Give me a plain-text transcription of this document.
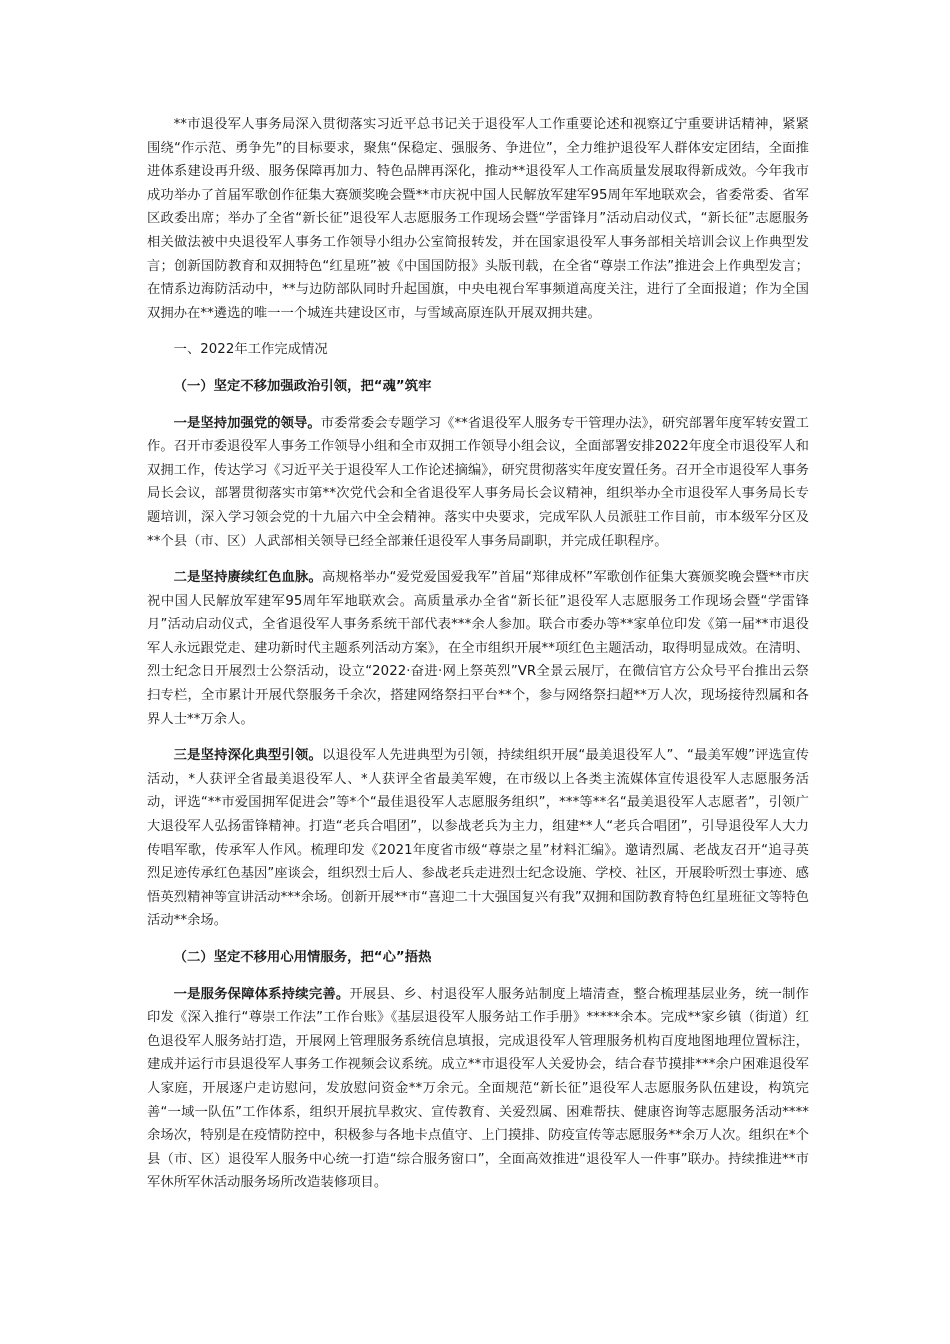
**市退役军人事务局深入贯彻落实习近平总书记关于退役军人工作重要论述和视察辽宁重要讲话精神，紧紧围绕“作示范、勇争先”的目标要求，聚焦“保稳定、强服务、争进位”，全力维护退役军人群体安定团结，全面推进体系建设再升级、服务保障再加力、特色品牌再深化，推动**退役军人工作高质量发展取得新成效。今年我市成功举办了首届军歌创作征集大赛颁奖晚会暨**市庆祝中国人民解放军建军95周年军地联欢会，省委常委、省军区政委出席；举办了全省“新长征”退役军人志愿服务工作现场会暨“学雷锋月”活动启动仪式，“新长征”志愿服务相关做法被中央退役军人事务工作领导小组办公室简报转发，并在国家退役军人事务部相关培训会议上作典型发言；创新国防教育和双拥特色“红星班”被《中国国防报》头版刊载，在全省“尊崇工作法”推进会上作典型发言；在情系边海防活动中，**与边防部队同时升起国旗，中央电视台军事频道高度关注，进行了全面报道；作为全国双拥办在**遴选的唯一一个城连共建设区市，与雪域高原连队开展双拥共建。

一、2022年工作完成情况

（一）坚定不移加强政治引领，把“魂”筑牢

一是坚持加强党的领导。市委常委会专题学习《**省退役军人服务专干管理办法》，研究部署年度军转安置工作。召开市委退役军人事务工作领导小组和全市双拥工作领导小组会议，全面部署安排2022年度全市退役军人和双拥工作，传达学习《习近平关于退役军人工作论述摘编》，研究贯彻落实年度安置任务。召开全市退役军人事务局长会议，部署贯彻落实市第**次党代会和全省退役军人事务局长会议精神，组织举办全市退役军人事务局长专题培训，深入学习领会党的十九届六中全会精神。落实中央要求，完成军队人员派驻工作目前，市本级军分区及**个县（市、区）人武部相关领导已经全部兼任退役军人事务局副职，并完成任职程序。

二是坚持赓续红色血脉。高规格举办“爱党爱国爱我军”首届“郑律成杯”军歌创作征集大赛颁奖晚会暨**市庆祝中国人民解放军建军95周年军地联欢会。高质量承办全省“新长征”退役军人志愿服务工作现场会暨“学雷锋月”活动启动仪式，全省退役军人事务系统干部代表***余人参加。联合市委办等**家单位印发《第一届**市退役军人永远跟党走、建功新时代主题系列活动方案》，在全市组织开展**项红色主题活动，取得明显成效。在清明、烈士纪念日开展烈士公祭活动，设立“2022·奋进·网上祭英烈”VR全景云展厅，在微信官方公众号平台推出云祭扫专栏，全市累计开展代祭服务千余次，搭建网络祭扫平台**个，参与网络祭扫超**万人次，现场接待烈属和各界人士**万余人。

三是坚持深化典型引领。以退役军人先进典型为引领，持续组织开展“最美退役军人”、“最美军嫂”评选宣传活动，*人获评全省最美退役军人、*人获评全省最美军嫂，在市级以上各类主流媒体宣传退役军人志愿服务活动，评选“**市爱国拥军促进会”等*个“最佳退役军人志愿服务组织”，***等**名“最美退役军人志愿者”，引领广大退役军人弘扬雷锋精神。打造“老兵合唱团”，以参战老兵为主力，组建**人“老兵合唱团”，引导退役军人大力传唱军歌，传承军人作风。梳理印发《2021年度省市级“尊崇之星”材料汇编》。邀请烈属、老战友召开“追寻英烈足迹传承红色基因”座谈会，组织烈士后人、参战老兵走进烈士纪念设施、学校、社区，开展聆听烈士事迹、感悟英烈精神等宣讲活动***余场。创新开展**市“喜迎二十大强国复兴有我”双拥和国防教育特色红星班征文等特色活动**余场。

（二）坚定不移用心用情服务，把“心”捂热

一是服务保障体系持续完善。开展县、乡、村退役军人服务站制度上墙清查，整合梳理基层业务，统一制作印发《深入推行“尊崇工作法”工作台账》《基层退役军人服务站工作手册》*****余本。完成**家乡镇（街道）红色退役军人服务站打造，开展网上管理服务系统信息填报，完成退役军人管理服务机构百度地图地理位置标注，建成并运行市县退役军人事务工作视频会议系统。成立**市退役军人关爱协会，结合春节摸排***余户困难退役军人家庭，开展逐户走访慰问，发放慰问资金**万余元。全面规范“新长征”退役军人志愿服务队伍建设，构筑完善“一域一队伍”工作体系，组织开展抗旱救灾、宣传教育、关爱烈属、困难帮扶、健康咨询等志愿服务活动****余场次，特别是在疫情防控中，积极参与各地卡点值守、上门摸排、防疫宣传等志愿服务**余万人次。组织在*个县（市、区）退役军人服务中心统一打造“综合服务窗口”，全面高效推进“退役军人一件事”联办。持续推进**市军休所军休活动服务场所改造装修项目。
